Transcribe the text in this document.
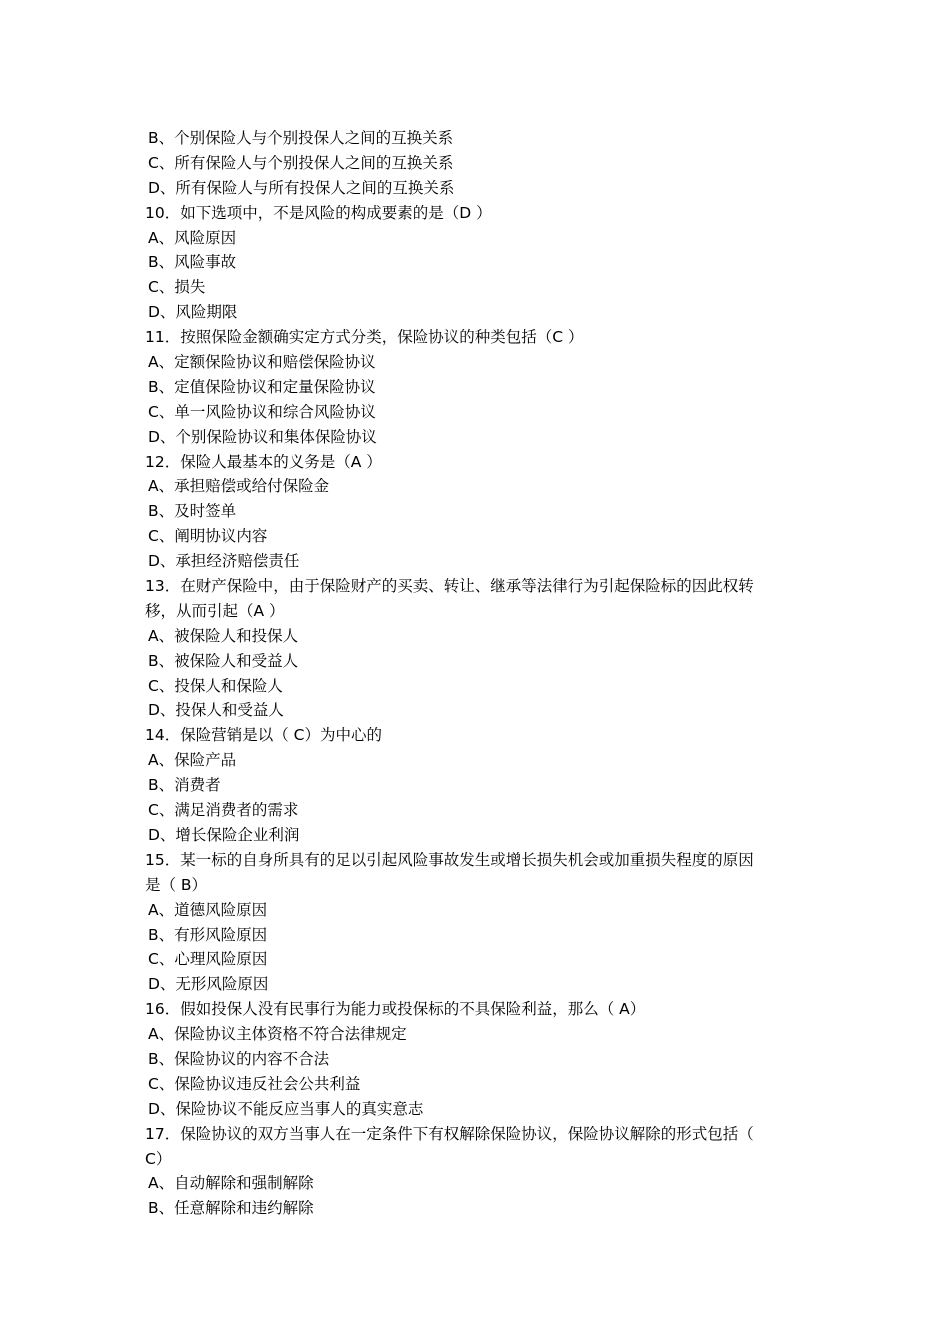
B、个别保险人与个别投保人之间的互换关系
C、所有保险人与个别投保人之间的互换关系
D、所有保险人与所有投保人之间的互换关系
10．如下选项中，不是风险的构成要素的是（D ）
A、风险原因
B、风险事故
C、损失
D、风险期限
11．按照保险金额确实定方式分类，保险协议的种类包括（C ）
A、定额保险协议和赔偿保险协议
B、定值保险协议和定量保险协议
C、单一风险协议和综合风险协议
D、个别保险协议和集体保险协议
12．保险人最基本的义务是（A ）
A、承担赔偿或给付保险金
B、及时签单
C、阐明协议内容
D、承担经济赔偿责任
13．在财产保险中，由于保险财产的买卖、转让、继承等法律行为引起保险标的因此权转
移，从而引起（A ）
A、被保险人和投保人
B、被保险人和受益人
C、投保人和保险人
D、投保人和受益人
14．保险营销是以（ C）为中心的
A、保险产品
B、消费者
C、满足消费者的需求
D、增长保险企业利润
15．某一标的自身所具有的足以引起风险事故发生或增长损失机会或加重损失程度的原因
是（ B）
A、道德风险原因
B、有形风险原因
C、心理风险原因
D、无形风险原因
16．假如投保人没有民事行为能力或投保标的不具保险利益，那么（ A）
A、保险协议主体资格不符合法律规定
B、保险协议的内容不合法
C、保险协议违反社会公共利益
D、保险协议不能反应当事人的真实意志
17．保险协议的双方当事人在一定条件下有权解除保险协议，保险协议解除的形式包括（
C）
A、自动解除和强制解除
B、任意解除和违约解除
